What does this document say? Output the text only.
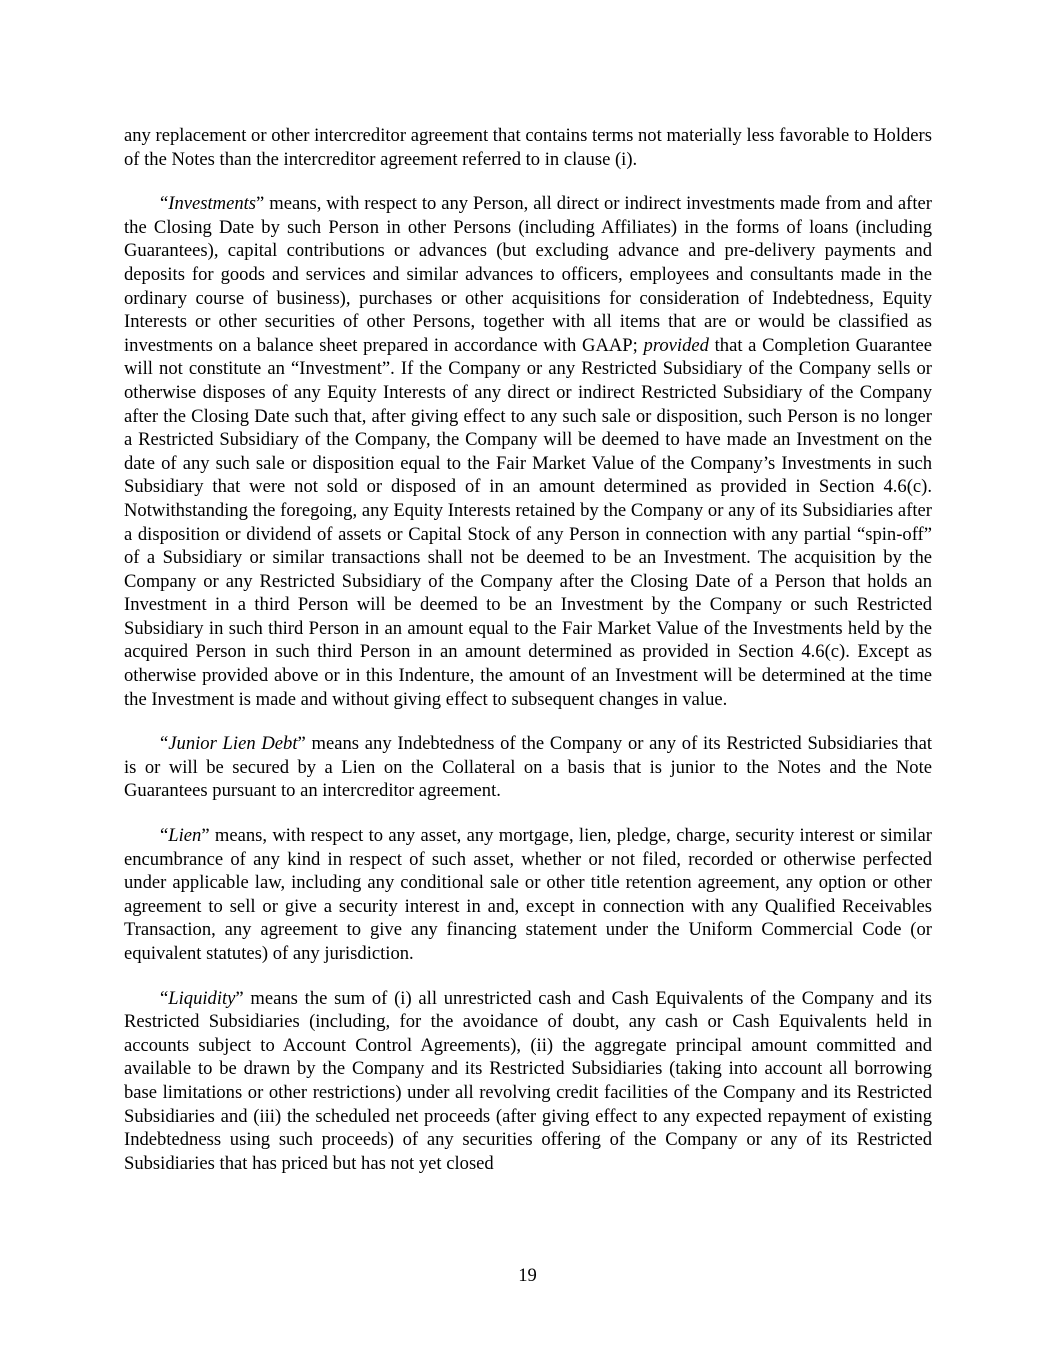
any replacement or other intercreditor agreement that contains terms not materially less favorable to Holders of the Notes than the intercreditor agreement referred to in clause (i).

“Investments” means, with respect to any Person, all direct or indirect investments made from and after the Closing Date by such Person in other Persons (including Affiliates) in the forms of loans (including Guarantees), capital contributions or advances (but excluding advance and pre-delivery payments and deposits for goods and services and similar advances to officers, employees and consultants made in the ordinary course of business), purchases or other acquisitions for consideration of Indebtedness, Equity Interests or other securities of other Persons, together with all items that are or would be classified as investments on a balance sheet prepared in accordance with GAAP; provided that a Completion Guarantee will not constitute an “Investment”. If the Company or any Restricted Subsidiary of the Company sells or otherwise disposes of any Equity Interests of any direct or indirect Restricted Subsidiary of the Company after the Closing Date such that, after giving effect to any such sale or disposition, such Person is no longer a Restricted Subsidiary of the Company, the Company will be deemed to have made an Investment on the date of any such sale or disposition equal to the Fair Market Value of the Company’s Investments in such Subsidiary that were not sold or disposed of in an amount determined as provided in Section 4.6(c). Notwithstanding the foregoing, any Equity Interests retained by the Company or any of its Subsidiaries after a disposition or dividend of assets or Capital Stock of any Person in connection with any partial “spin-off” of a Subsidiary or similar transactions shall not be deemed to be an Investment. The acquisition by the Company or any Restricted Subsidiary of the Company after the Closing Date of a Person that holds an Investment in a third Person will be deemed to be an Investment by the Company or such Restricted Subsidiary in such third Person in an amount equal to the Fair Market Value of the Investments held by the acquired Person in such third Person in an amount determined as provided in Section 4.6(c). Except as otherwise provided above or in this Indenture, the amount of an Investment will be determined at the time the Investment is made and without giving effect to subsequent changes in value.

“Junior Lien Debt” means any Indebtedness of the Company or any of its Restricted Subsidiaries that is or will be secured by a Lien on the Collateral on a basis that is junior to the Notes and the Note Guarantees pursuant to an intercreditor agreement.

“Lien” means, with respect to any asset, any mortgage, lien, pledge, charge, security interest or similar encumbrance of any kind in respect of such asset, whether or not filed, recorded or otherwise perfected under applicable law, including any conditional sale or other title retention agreement, any option or other agreement to sell or give a security interest in and, except in connection with any Qualified Receivables Transaction, any agreement to give any financing statement under the Uniform Commercial Code (or equivalent statutes) of any jurisdiction.

“Liquidity” means the sum of (i) all unrestricted cash and Cash Equivalents of the Company and its Restricted Subsidiaries (including, for the avoidance of doubt, any cash or Cash Equivalents held in accounts subject to Account Control Agreements), (ii) the aggregate principal amount committed and available to be drawn by the Company and its Restricted Subsidiaries (taking into account all borrowing base limitations or other restrictions) under all revolving credit facilities of the Company and its Restricted Subsidiaries and (iii) the scheduled net proceeds (after giving effect to any expected repayment of existing Indebtedness using such proceeds) of any securities offering of the Company or any of its Restricted Subsidiaries that has priced but has not yet closed

19
